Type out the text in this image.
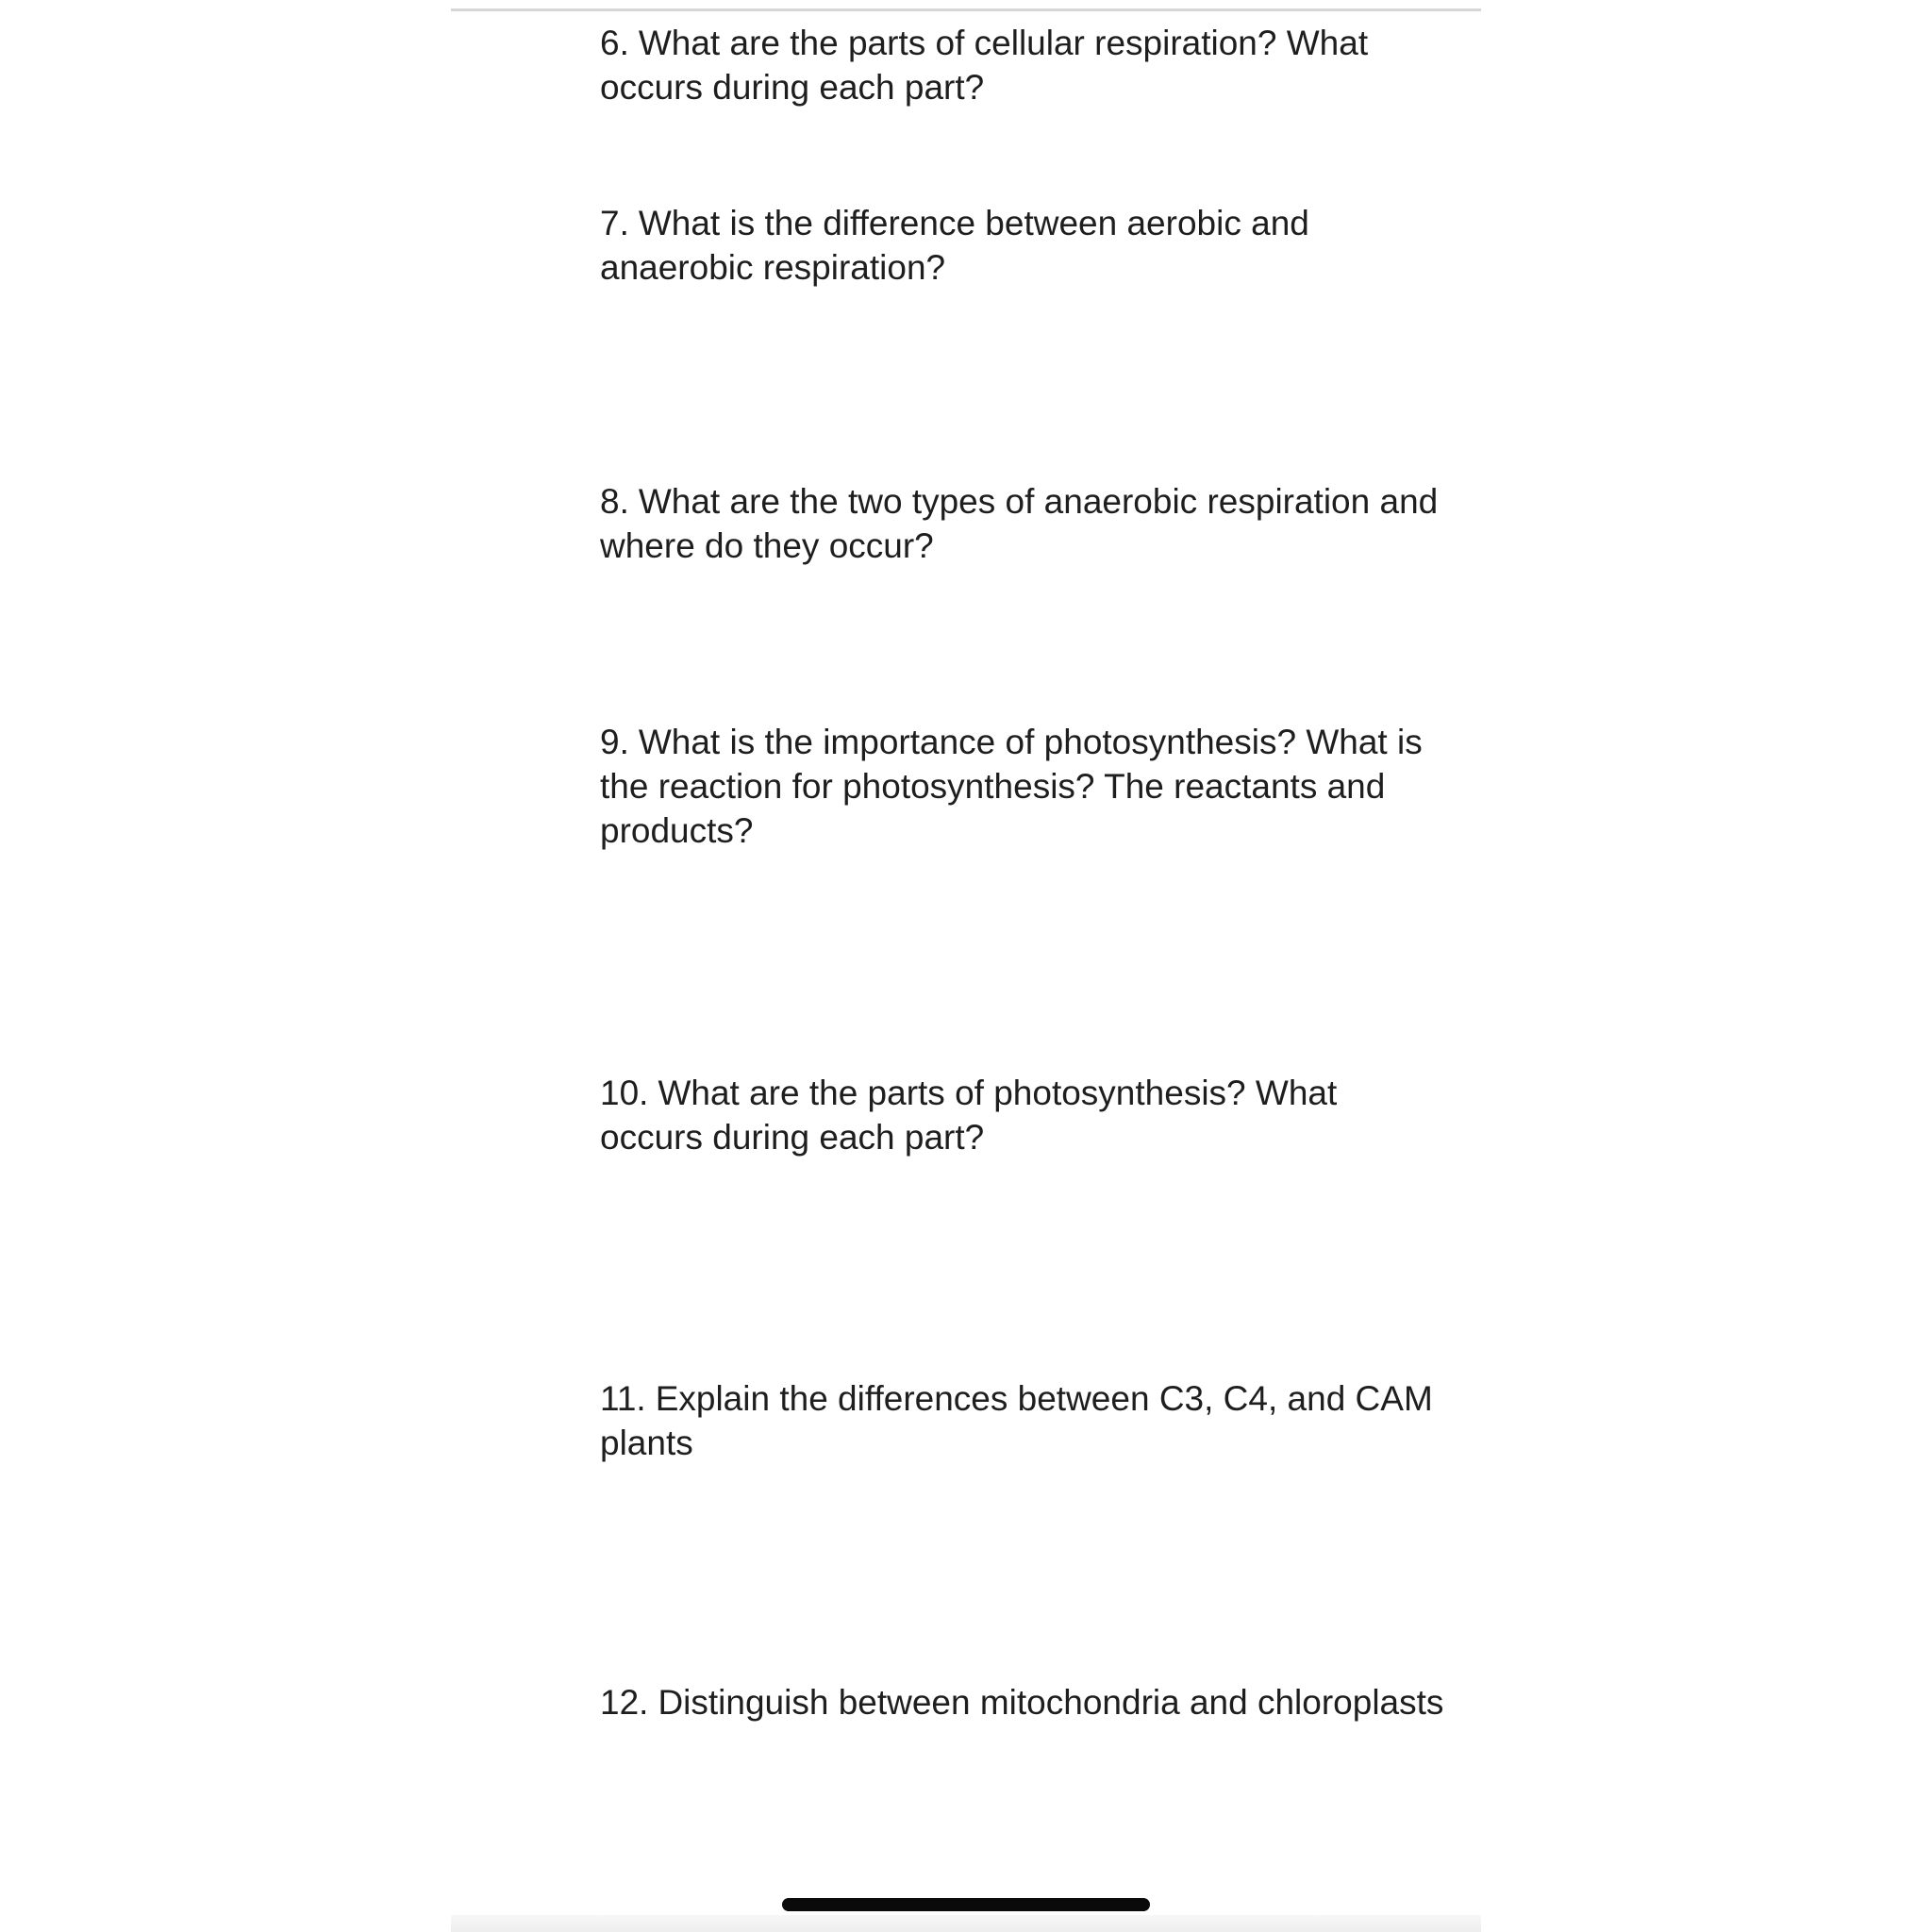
6. What are the parts of cellular respiration? What occurs during each part?
7. What is the difference between aerobic and anaerobic respiration?
8. What are the two types of anaerobic respiration and where do they occur?
9. What is the importance of photosynthesis? What is the reaction for photosynthesis? The reactants and products?
10. What are the parts of photosynthesis? What occurs during each part?
11. Explain the differences between C3, C4, and CAM plants
12. Distinguish between mitochondria and chloroplasts
